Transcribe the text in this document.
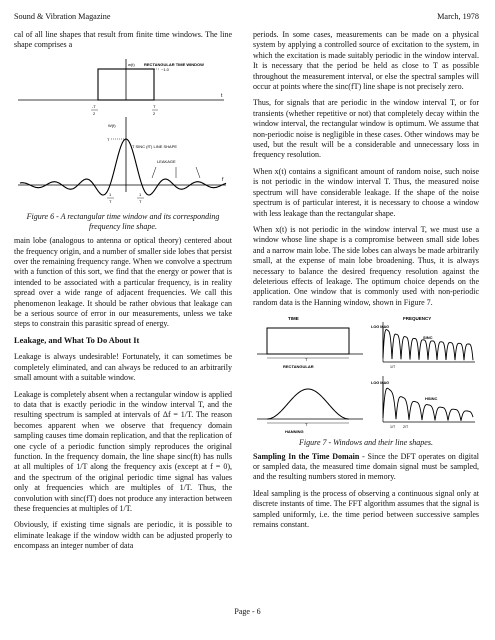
Sound & Vibration Magazine	March, 1978

cal of all line shapes that result from finite time windows. The line shape comprises a

w(t) RECTANGULAR TIME WINDOW
~1.0
t
-T
2
T
2
W(f)
T
T SINC (fT) LINE SHAPE
LEAKAGE
f
1
T
1
T
Figure 6 - A rectangular time window and its corresponding frequency line shape.

main lobe (analogous to antenna or optical theory) centered about the frequency origin, and a number of smaller side lobes that persist over the remaining frequency range. When we convolve a spectrum with a function of this sort, we find that the energy or power that is intended to be associated with a particular frequency, is in reality spread over a wide range of adjacent frequencies. We call this phenomenon leakage. It should be rather obvious that leakage can be a serious source of error in our measurements, unless we take steps to constrain this parasitic spread of energy.

Leakage, and What To Do About It

Leakage is always undesirable! Fortunately, it can sometimes be completely eliminated, and can always be reduced to an arbitrarily small amount with a suitable window.

Leakage is completely absent when a rectangular window is applied to data that is exactly periodic in the window interval T, and the resulting spectrum is sampled at intervals of Δf = 1/T. The reason becomes apparent when we observe that frequency domain sampling causes time domain replication, and that the replication of one cycle of a periodic function simply reproduces the original function. In the frequency domain, the line shape sinc(ft) has nulls at all multiples of 1/T along the frequency axis (except at f = 0), and the spectrum of the original periodic time signal has values only at frequencies which are multiples of 1/T. Thus, the convolution with sinc(fT) does not produce any interaction between these frequencies at multiples of 1/T.

Obviously, if existing time signals are periodic, it is possible to eliminate leakage if the window width can be adjusted properly to encompass an integer number of data

periods. In some cases, measurements can be made on a physical system by applying a controlled source of excitation to the system, in which the excitation is made suitably periodic in the window interval. It is necessary that the period be held as close to T as possible throughout the measurement interval, or else the spectral samples will occur at points where the sinc(fT) line shape is not precisely zero.

Thus, for signals that are periodic in the window interval T, or for transients (whether repetitive or not) that completely decay within the window interval, the rectangular window is optimum. We assume that non-periodic noise is negligible in these cases. Other windows may be used, but the result will be a considerable and unnecessary loss in frequency resolution.

When x(t) contains a significant amount of random noise, such noise is not periodic in the window interval T. Thus, the measured noise spectrum will have considerable leakage. If the shape of the noise spectrum is of particular interest, it is necessary to choose a window with less leakage than the rectangular shape.

When x(t) is not periodic in the window interval T, we must use a window whose line shape is a compromise between small side lobes and a narrow main lobe. The side lobes can always be made arbitrarily small, at the expense of main lobe broadening. Thus, it is always necessary to balance the desired frequency resolution against the deleterious effects of leakage. The optimum choice depends on the application. One window that is commonly used with non-periodic random data is the Hanning window, shown in Figure 7.

TIME
T
RECTANGULAR
FREQUENCY
LOG MAG
SINC
1/T
T
HANNING
LOG MAG
HSINC
1/T 2/T
Figure 7 - Windows and their line shapes.

Sampling In the Time Domain - Since the DFT operates on digital or sampled data, the measured time domain signal must be sampled, and the resulting numbers stored in memory.

Ideal sampling is the process of observing a continuous signal only at discrete instants of time. The FFT algorithm assumes that the signal is sampled uniformly, i.e. the time period between successive samples remains constant.

Page - 6
